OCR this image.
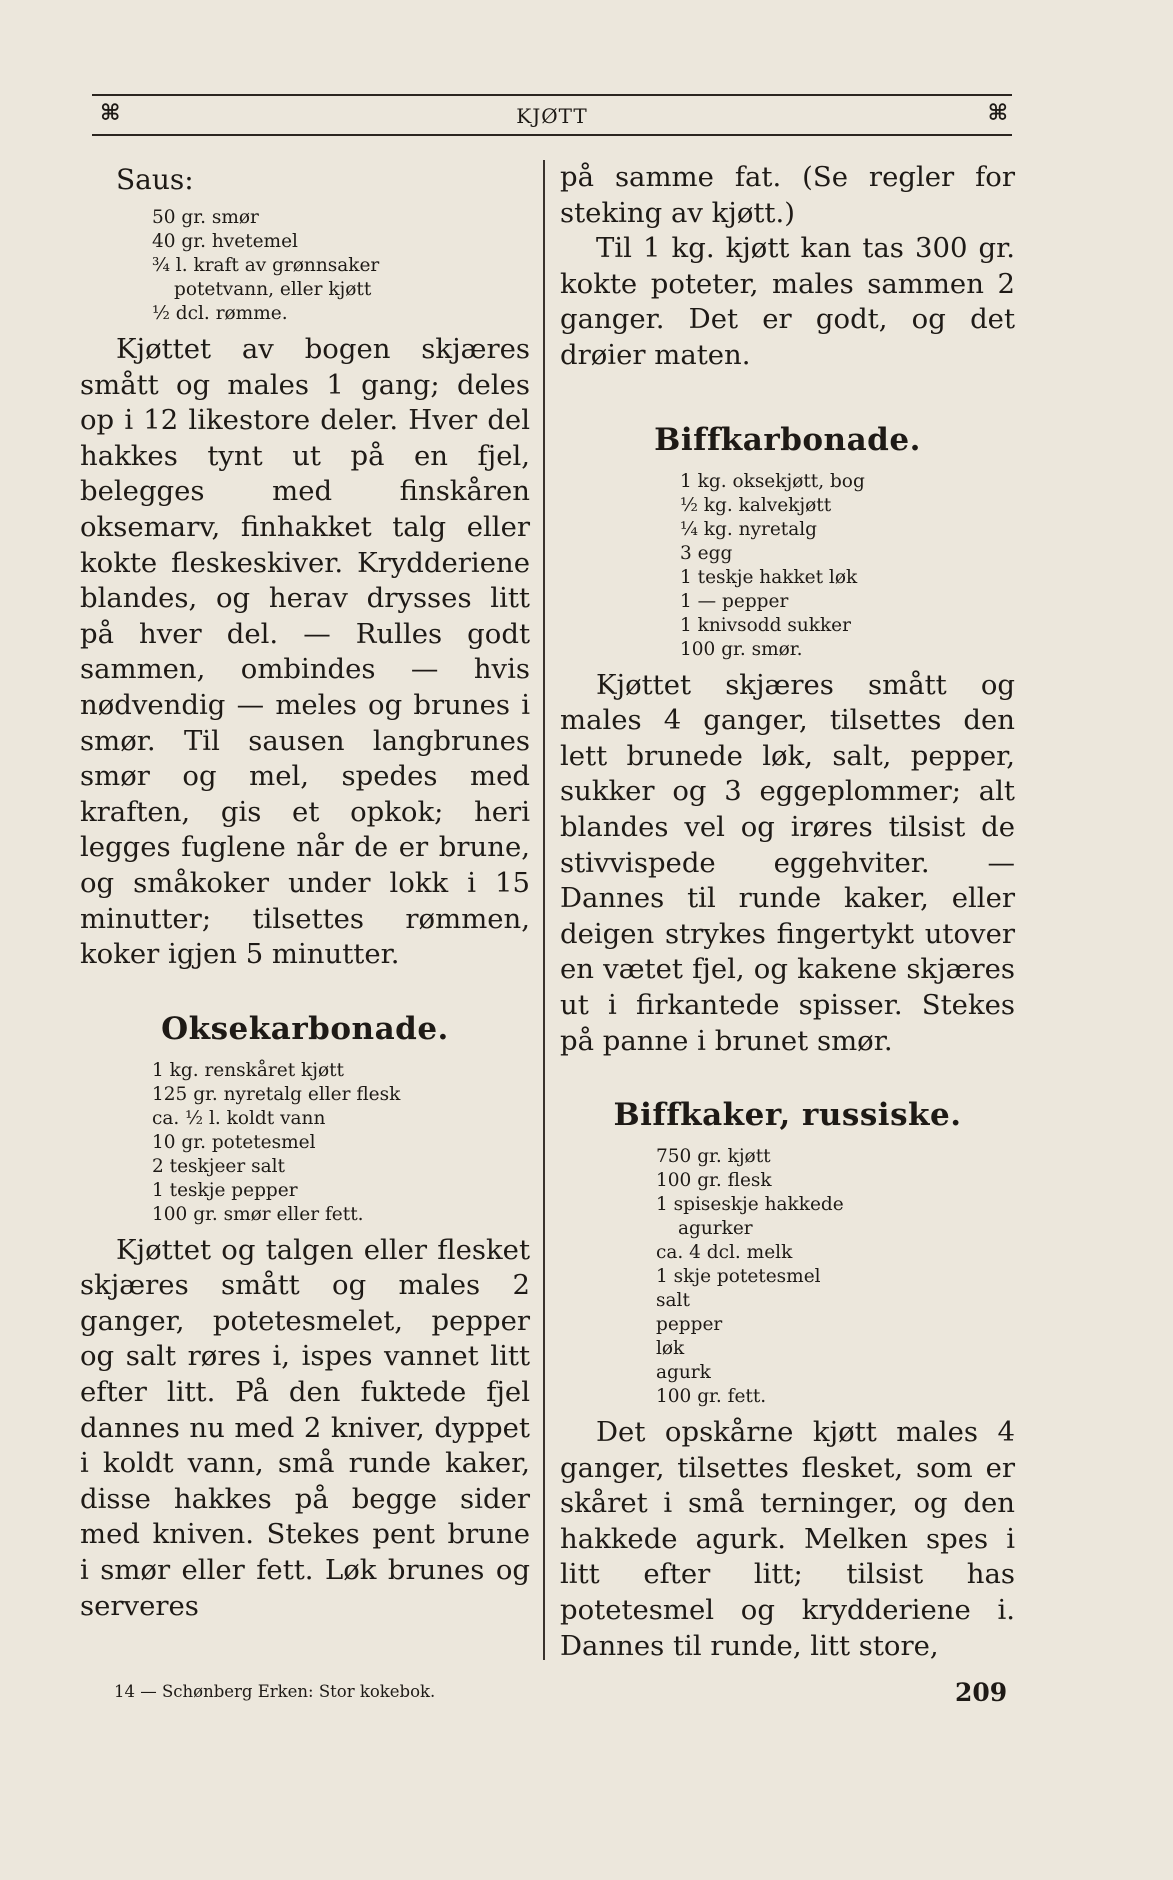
⌘	KJØTT	⌘
Saus:
50 gr. smør
40 gr. hvetemel
¾ l. kraft av grønnsaker
potetvann, eller kjøtt
½ dcl. rømme.

Kjøttet av bogen skjæres smått og males 1 gang; deles op i 12 likestore deler. Hver del hakkes tynt ut på en fjel, belegges med finskåren oksemarv, finhakket talg eller kokte fleskeskiver. Krydderiene blandes, og herav drysses litt på hver del. — Rulles godt sammen, ombindes — hvis nødvendig — meles og brunes i smør. Til sausen langbrunes smør og mel, spedes med kraften, gis et opkok; heri legges fuglene når de er brune, og småkoker under lokk i 15 minutter; tilsettes rømmen, koker igjen 5 minutter.

Oksekarbonade.
1 kg. renskåret kjøtt
125 gr. nyretalg eller flesk
ca. ½ l. koldt vann
10 gr. potetesmel
2 teskjeer salt
1 teskje pepper
100 gr. smør eller fett.

Kjøttet og talgen eller flesket skjæres smått og males 2 ganger, potetesmelet, pepper og salt røres i, ispes vannet litt efter litt. På den fuktede fjel dannes nu med 2 kniver, dyppet i koldt vann, små runde kaker, disse hakkes på begge sider med kniven. Stekes pent brune i smør eller fett. Løk brunes og serveres

på samme fat. (Se regler for steking av kjøtt.)

Til 1 kg. kjøtt kan tas 300 gr. kokte poteter, males sammen 2 ganger. Det er godt, og det drøier maten.

Biffkarbonade.
1 kg. oksekjøtt, bog
½ kg. kalvekjøtt
¼ kg. nyretalg
3 egg
1 teskje hakket løk
1 — pepper
1 knivsodd sukker
100 gr. smør.

Kjøttet skjæres smått og males 4 ganger, tilsettes den lett brunede løk, salt, pepper, sukker og 3 eggeplommer; alt blandes vel og irøres tilsist de stivvispede eggehviter. — Dannes til runde kaker, eller deigen strykes fingertykt utover en vætet fjel, og kakene skjæres ut i firkantede spisser. Stekes på panne i brunet smør.

Biffkaker, russiske.
750 gr. kjøtt
100 gr. flesk
1 spiseskje hakkede
agurker
ca. 4 dcl. melk
1 skje potetesmel
salt
pepper
løk
agurk
100 gr. fett.

Det opskårne kjøtt males 4 ganger, tilsettes flesket, som er skåret i små terninger, og den hakkede agurk. Melken spes i litt efter litt; tilsist has potetesmel og krydderiene i. Dannes til runde, litt store,

14 — Schønberg Erken: Stor kokebok.	209
